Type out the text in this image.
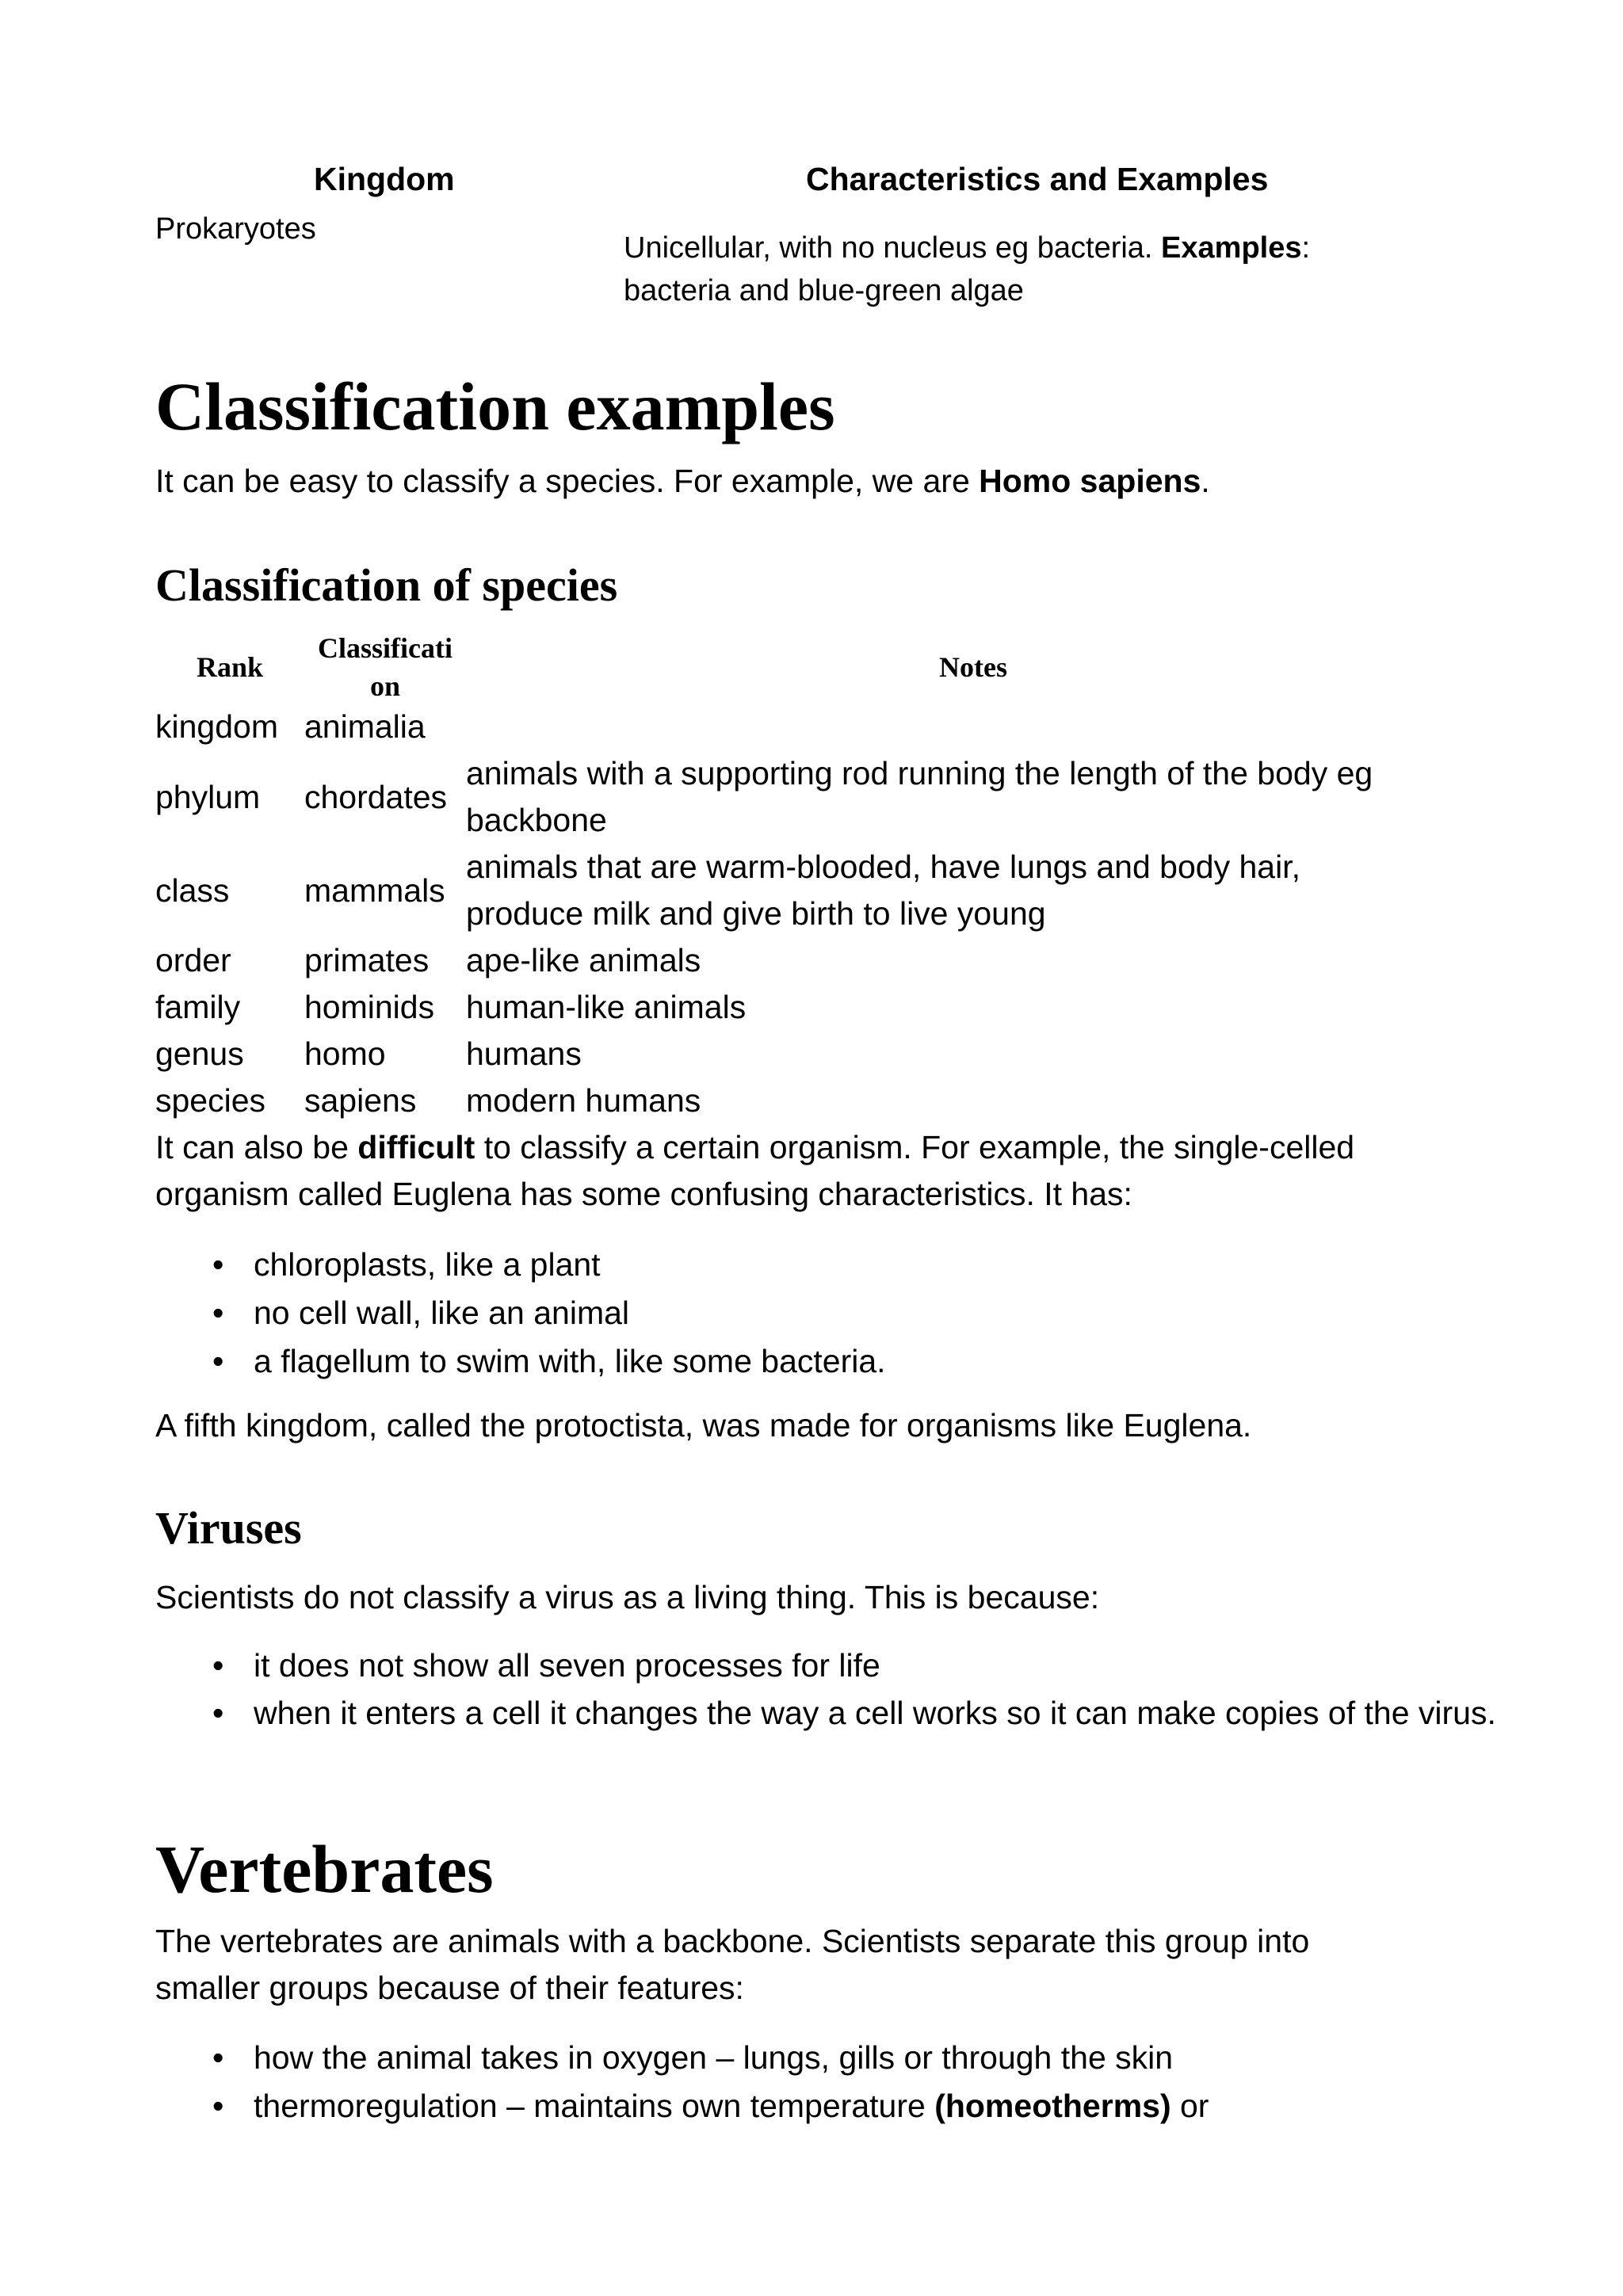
Kingdom	Characteristics and Examples
Prokaryotes
Unicellular, with no nucleus eg bacteria. Examples:
bacteria and blue-green algae
Classification examples

It can be easy to classify a species. For example, we are Homo sapiens.

Classification of species
Rank
Classificati
on
Notes
kingdom animalia
phylum chordates
animals with a supporting rod running the length of the body eg backbone
class mammals
animals that are warm-blooded, have lungs and body hair, produce milk and give birth to live young
order primates ape-like animals
family hominids human-like animals
genus homo humans
species sapiens modern humans

It can also be difficult to classify a certain organism. For example, the single-celled
organism called Euglena has some confusing characteristics. It has:

• chloroplasts, like a plant
• no cell wall, like an animal
• a flagellum to swim with, like some bacteria.

A fifth kingdom, called the protoctista, was made for organisms like Euglena.

Viruses

Scientists do not classify a virus as a living thing. This is because:

• it does not show all seven processes for life
• when it enters a cell it changes the way a cell works so it can make copies of the virus.
Vertebrates

The vertebrates are animals with a backbone. Scientists separate this group into
smaller groups because of their features:

• how the animal takes in oxygen – lungs, gills or through the skin
• thermoregulation – maintains own temperature (homeotherms) or
